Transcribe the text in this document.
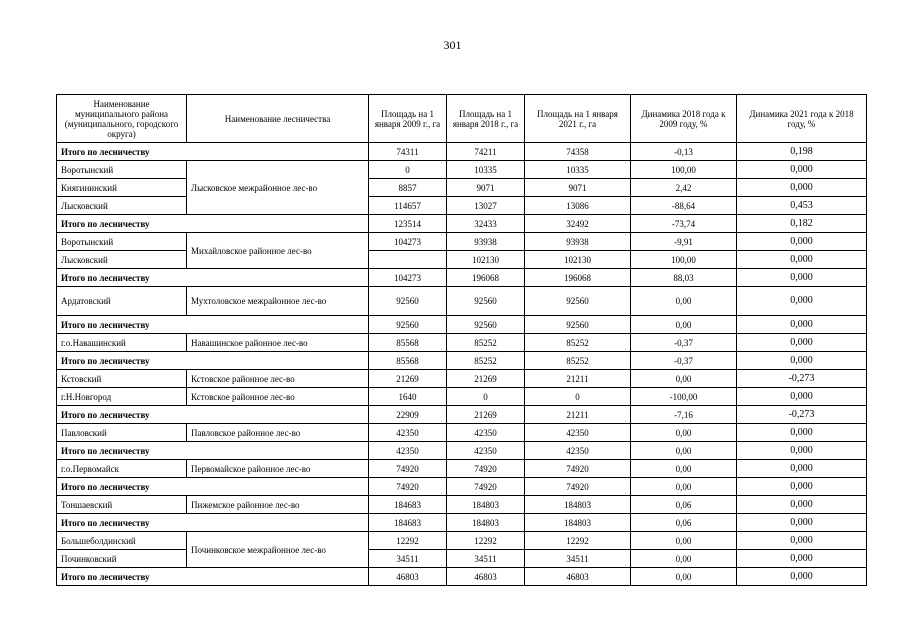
301
Наименование муниципального района (муниципального, городского округа)	Наименование лесничества	Площадь на 1 января 2009 г., га	Площадь на 1 января 2018 г., га	Площадь на 1 января 2021 г., га	Динамика 2018 года к 2009 году, %	Динамика 2021 года к 2018 году, %
Итого по лесничеству		74311	74211	74358	-0,13	0,198
Воротынский	Лысковское межрайонное лес-во	0	10335	10335	100,00	0,000
Княгининский		8857	9071	9071	2,42	0,000
Лысковский		114657	13027	13086	-88,64	0,453
Итого по лесничеству		123514	32433	32492	-73,74	0,182
Воротынский	Михайловское районное лес-во	104273	93938	93938	-9,91	0,000
Лысковский			102130	102130	100,00	0,000
Итого по лесничеству		104273	196068	196068	88,03	0,000
Ардатовский	Мухтоловское межрайонное лес-во	92560	92560	92560	0,00	0,000
Итого по лесничеству		92560	92560	92560	0,00	0,000
г.о.Навашинский	Навашинское районное лес-во	85568	85252	85252	-0,37	0,000
Итого по лесничеству		85568	85252	85252	-0,37	0,000
Кстовский	Кстовское районное лес-во	21269	21269	21211	0,00	-0,273
г.Н.Новгород	Кстовское районное лес-во	1640	0	0	-100,00	0,000
Итого по лесничеству		22909	21269	21211	-7,16	-0,273
Павловский	Павловское районное лес-во	42350	42350	42350	0,00	0,000
Итого по лесничеству		42350	42350	42350	0,00	0,000
г.о.Первомайск	Первомайское районное лес-во	74920	74920	74920	0,00	0,000
Итого по лесничеству		74920	74920	74920	0,00	0,000
Тоншаевский	Пижемское районное лес-во	184683	184803	184803	0,06	0,000
Итого по лесничеству		184683	184803	184803	0,06	0,000
Большеболдинский	Починковское межрайонное лес-во	12292	12292	12292	0,00	0,000
Починковский		34511	34511	34511	0,00	0,000
Итого по лесничеству		46803	46803	46803	0,00	0,000
